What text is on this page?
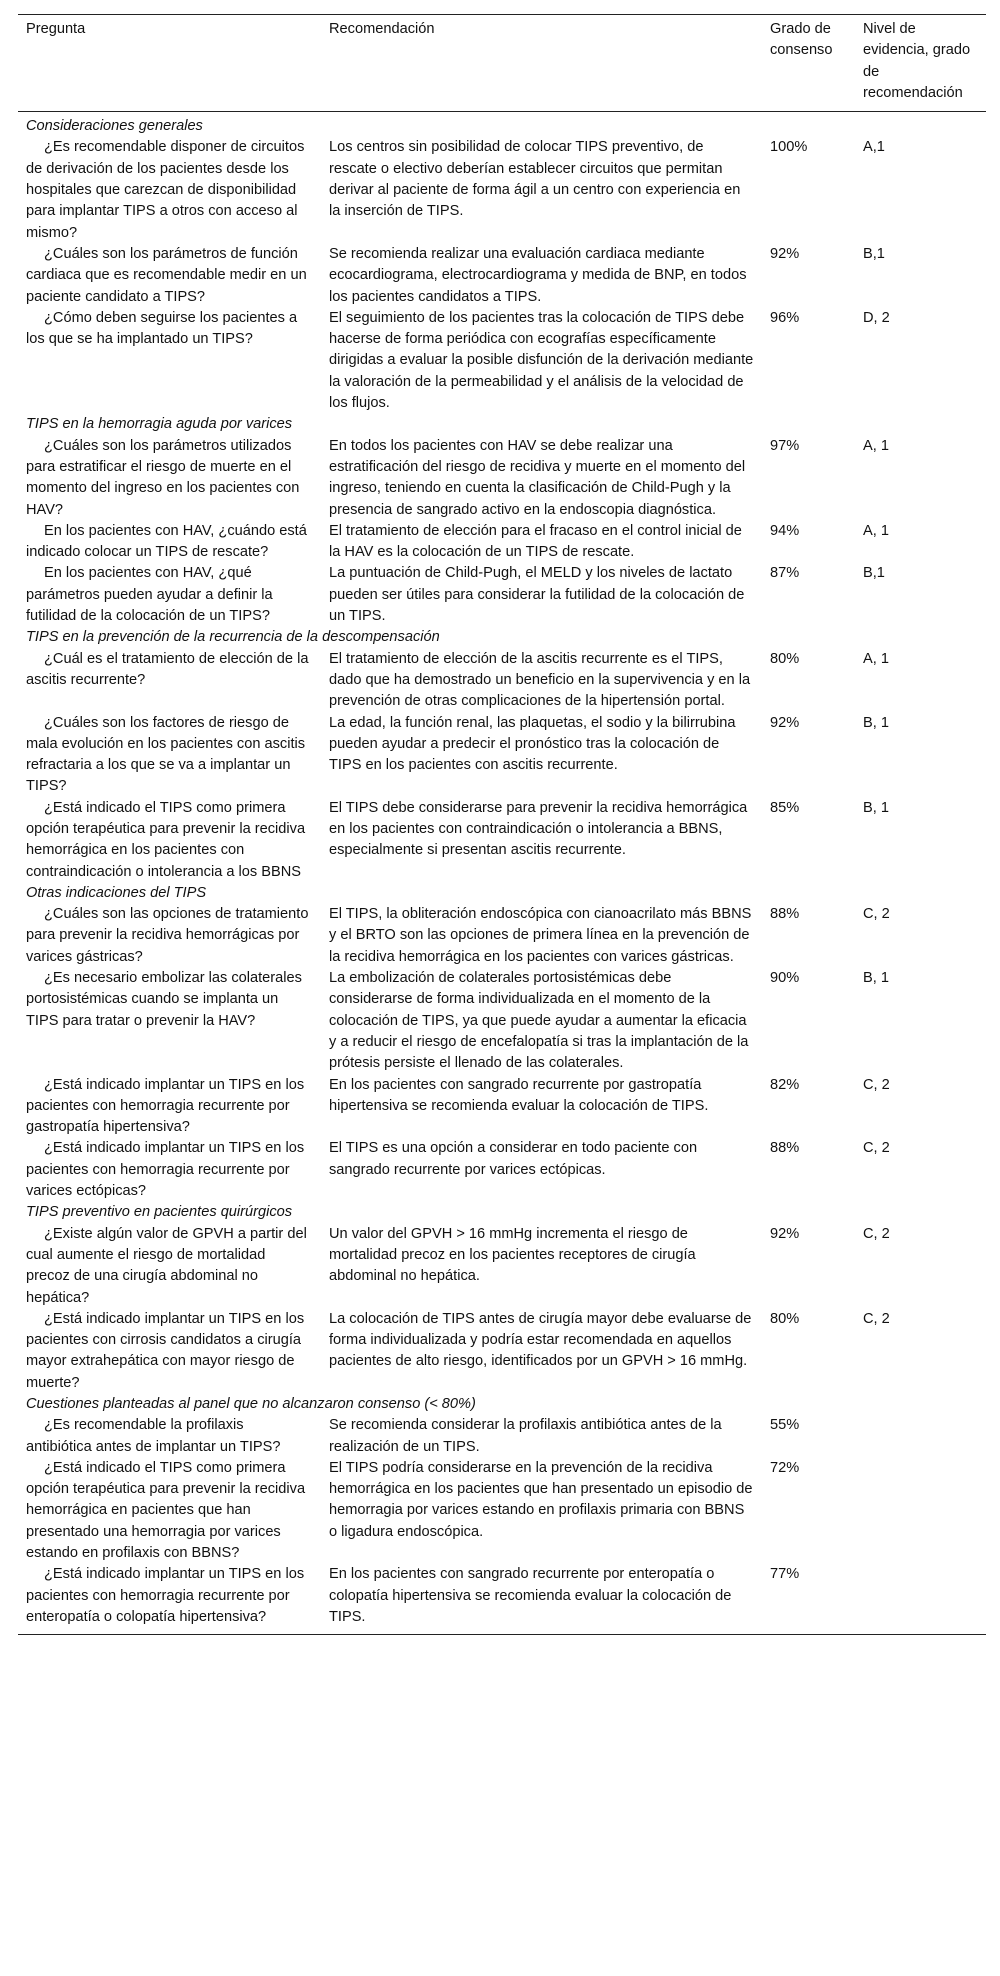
Pregunta	Recomendación	Grado de consenso	Nivel de evidencia, grado de recomendación
Consideraciones generales			

¿Es recomendable disponer de circuitos de derivación de los pacientes desde los hospitales que carezcan de disponibilidad para implantar TIPS a otros con acceso al mismo?	Los centros sin posibilidad de colocar TIPS preventivo, de rescate o electivo deberían establecer circuitos que permitan derivar al paciente de forma ágil a un centro con experiencia en la inserción de TIPS.	100%	A,1

¿Cuáles son los parámetros de función cardiaca que es recomendable medir en un paciente candidato a TIPS?	Se recomienda realizar una evaluación cardiaca mediante ecocardiograma, electrocardiograma y medida de BNP, en todos los pacientes candidatos a TIPS.	92%	B,1

¿Cómo deben seguirse los pacientes a los que se ha implantado un TIPS?	El seguimiento de los pacientes tras la colocación de TIPS debe hacerse de forma periódica con ecografías específicamente dirigidas a evaluar la posible disfunción de la derivación mediante la valoración de la permeabilidad y el análisis de la velocidad de los flujos.	96%	D, 2
TIPS en la hemorragia aguda por varices			

¿Cuáles son los parámetros utilizados para estratificar el riesgo de muerte en el momento del ingreso en los pacientes con HAV?	En todos los pacientes con HAV se debe realizar una estratificación del riesgo de recidiva y muerte en el momento del ingreso, teniendo en cuenta la clasificación de Child-Pugh y la presencia de sangrado activo en la endoscopia diagnóstica.	97%	A, 1

En los pacientes con HAV, ¿cuándo está indicado colocar un TIPS de rescate?	El tratamiento de elección para el fracaso en el control inicial de la HAV es la colocación de un TIPS de rescate.	94%	A, 1

En los pacientes con HAV, ¿qué parámetros pueden ayudar a definir la futilidad de la colocación de un TIPS?	La puntuación de Child-Pugh, el MELD y los niveles de lactato pueden ser útiles para considerar la futilidad de la colocación de un TIPS.	87%	B,1
TIPS en la prevención de la recurrencia de la descompensación			

¿Cuál es el tratamiento de elección de la ascitis recurrente?	El tratamiento de elección de la ascitis recurrente es el TIPS, dado que ha demostrado un beneficio en la supervivencia y en la prevención de otras complicaciones de la hipertensión portal.	80%	A, 1

¿Cuáles son los factores de riesgo de mala evolución en los pacientes con ascitis refractaria a los que se va a implantar un TIPS?	La edad, la función renal, las plaquetas, el sodio y la bilirrubina pueden ayudar a predecir el pronóstico tras la colocación de TIPS en los pacientes con ascitis recurrente.	92%	B, 1

¿Está indicado el TIPS como primera opción terapéutica para prevenir la recidiva hemorrágica en los pacientes con contraindicación o intolerancia a los BBNS	El TIPS debe considerarse para prevenir la recidiva hemorrágica en los pacientes con contraindicación o intolerancia a BBNS, especialmente si presentan ascitis recurrente.	85%	B, 1
Otras indicaciones del TIPS			

¿Cuáles son las opciones de tratamiento para prevenir la recidiva hemorrágicas por varices gástricas?	El TIPS, la obliteración endoscópica con cianoacrilato más BBNS y el BRTO son las opciones de primera línea en la prevención de la recidiva hemorrágica en los pacientes con varices gástricas.	88%	C, 2

¿Es necesario embolizar las colaterales portosistémicas cuando se implanta un TIPS para tratar o prevenir la HAV?	La embolización de colaterales portosistémicas debe considerarse de forma individualizada en el momento de la colocación de TIPS, ya que puede ayudar a aumentar la eficacia y a reducir el riesgo de encefalopatía si tras la implantación de la prótesis persiste el llenado de las colaterales.	90%	B, 1

¿Está indicado implantar un TIPS en los pacientes con hemorragia recurrente por gastropatía hipertensiva?	En los pacientes con sangrado recurrente por gastropatía hipertensiva se recomienda evaluar la colocación de TIPS.	82%	C, 2

¿Está indicado implantar un TIPS en los pacientes con hemorragia recurrente por varices ectópicas?	El TIPS es una opción a considerar en todo paciente con sangrado recurrente por varices ectópicas.	88%	C, 2
TIPS preventivo en pacientes quirúrgicos			

¿Existe algún valor de GPVH a partir del cual aumente el riesgo de mortalidad precoz de una cirugía abdominal no hepática?	Un valor del GPVH > 16 mmHg incrementa el riesgo de mortalidad precoz en los pacientes receptores de cirugía abdominal no hepática.	92%	C, 2

¿Está indicado implantar un TIPS en los pacientes con cirrosis candidatos a cirugía mayor extrahepática con mayor riesgo de muerte?	La colocación de TIPS antes de cirugía mayor debe evaluarse de forma individualizada y podría estar recomendada en aquellos pacientes de alto riesgo, identificados por un GPVH > 16 mmHg.	80%	C, 2
Cuestiones planteadas al panel que no alcanzaron consenso (< 80%)			

¿Es recomendable la profilaxis antibiótica antes de implantar un TIPS?	Se recomienda considerar la profilaxis antibiótica antes de la realización de un TIPS.	55%	

¿Está indicado el TIPS como primera opción terapéutica para prevenir la recidiva hemorrágica en pacientes que han presentado una hemorragia por varices estando en profilaxis con BBNS?	El TIPS podría considerarse en la prevención de la recidiva hemorrágica en los pacientes que han presentado un episodio de hemorragia por varices estando en profilaxis primaria con BBNS o ligadura endoscópica.	72%	

¿Está indicado implantar un TIPS en los pacientes con hemorragia recurrente por enteropatía o colopatía hipertensiva?	En los pacientes con sangrado recurrente por enteropatía o colopatía hipertensiva se recomienda evaluar la colocación de TIPS.	77%	
